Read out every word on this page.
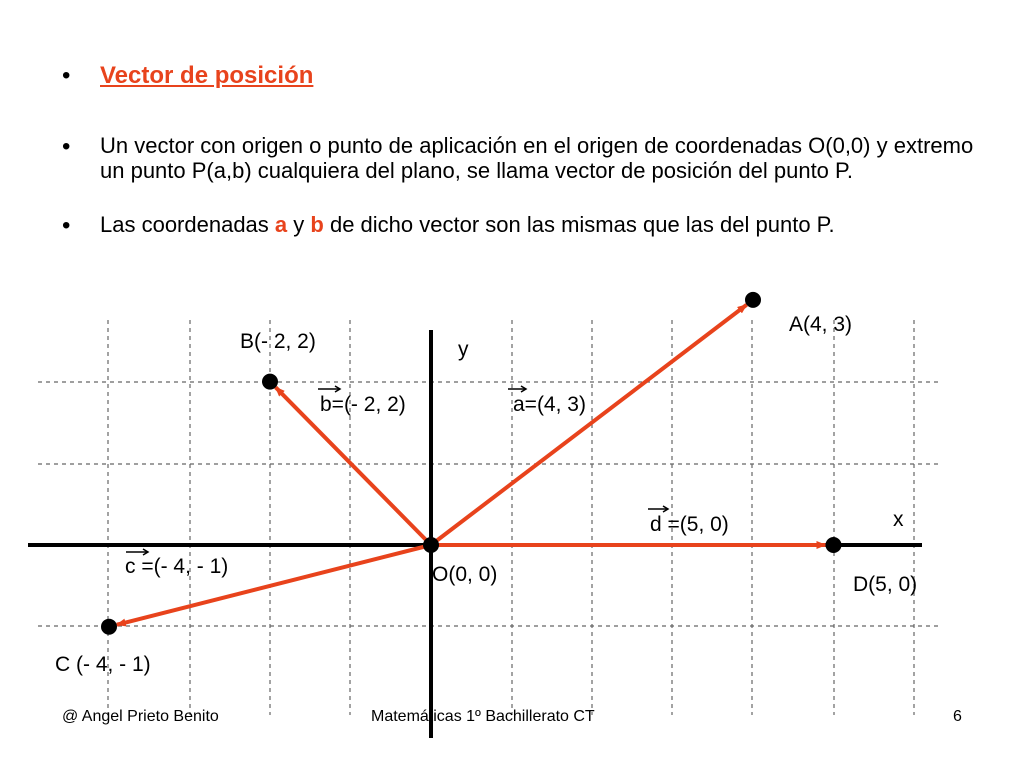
• Vector de posición
• Un vector con origen o punto de aplicación en el origen de coordenadas O(0,0) y extremo un punto P(a,b) cualquiera del plano, se llama vector de posición del punto P.
• Las coordenadas a y b de dicho vector son las mismas que las del punto P.
y
x
O(0, 0)
A(4, 3)
a=(4, 3)
B(- 2, 2)
b=(- 2, 2)
C (- 4, - 1)
c =(- 4, - 1)
D(5, 0)
d =(5, 0)
@ Angel Prieto Benito	Matemáticas 1º Bachillerato CT	6
